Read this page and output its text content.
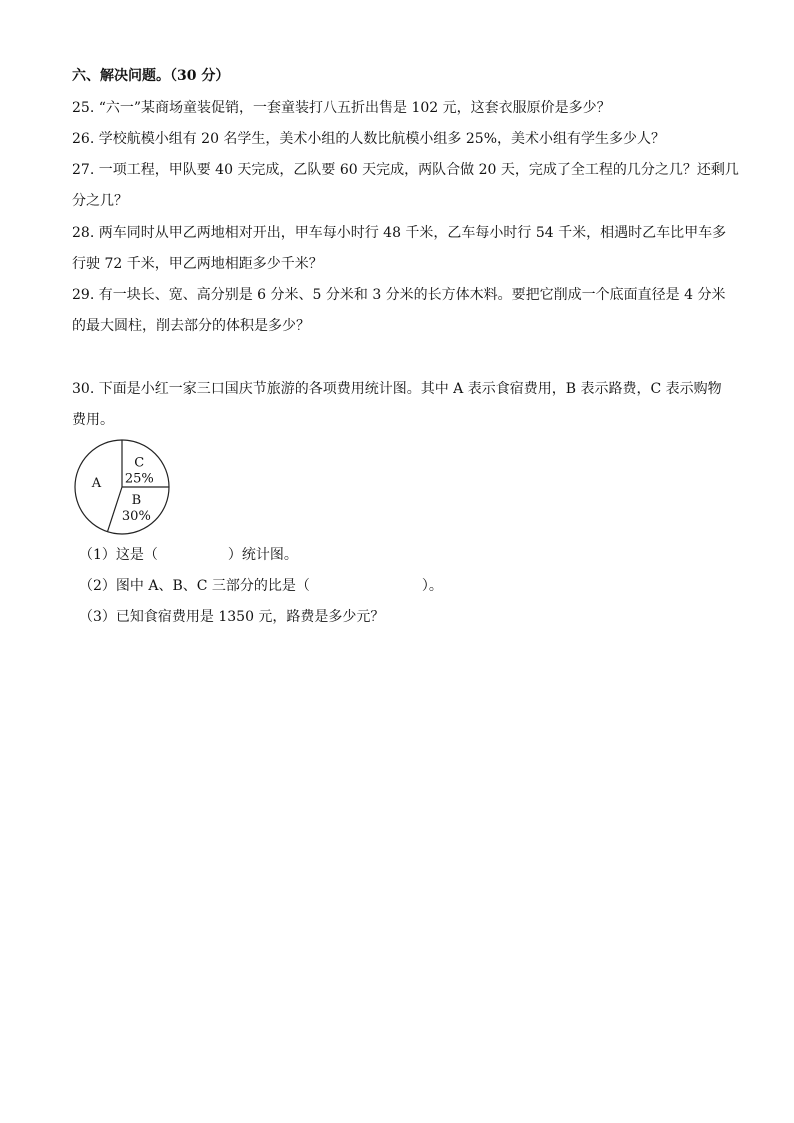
六、解决问题。（30 分）
25. “六一”某商场童装促销，一套童装打八五折出售是 102 元，这套衣服原价是多少？
26. 学校航模小组有 20 名学生，美术小组的人数比航模小组多 25%，美术小组有学生多少人？
27. 一项工程，甲队要 40 天完成，乙队要 60 天完成，两队合做 20 天，完成了全工程的几分之几？还剩几
分之几？
28. 两车同时从甲乙两地相对开出，甲车每小时行 48 千米，乙车每小时行 54 千米，相遇时乙车比甲车多
行驶 72 千米，甲乙两地相距多少千米？
29. 有一块长、宽、高分别是 6 分米、5 分米和 3 分米的长方体木料。要把它削成一个底面直径是 4 分米
的最大圆柱，削去部分的体积是多少？
30. 下面是小红一家三口国庆节旅游的各项费用统计图。其中 A 表示食宿费用，B 表示路费，C 表示购物
费用。
C
25%
B
30%
A
（1）这是（　　　　　）统计图。
（2）图中 A、B、C 三部分的比是（　　　　　　　　）。
（3）已知食宿费用是 1350 元，路费是多少元？
